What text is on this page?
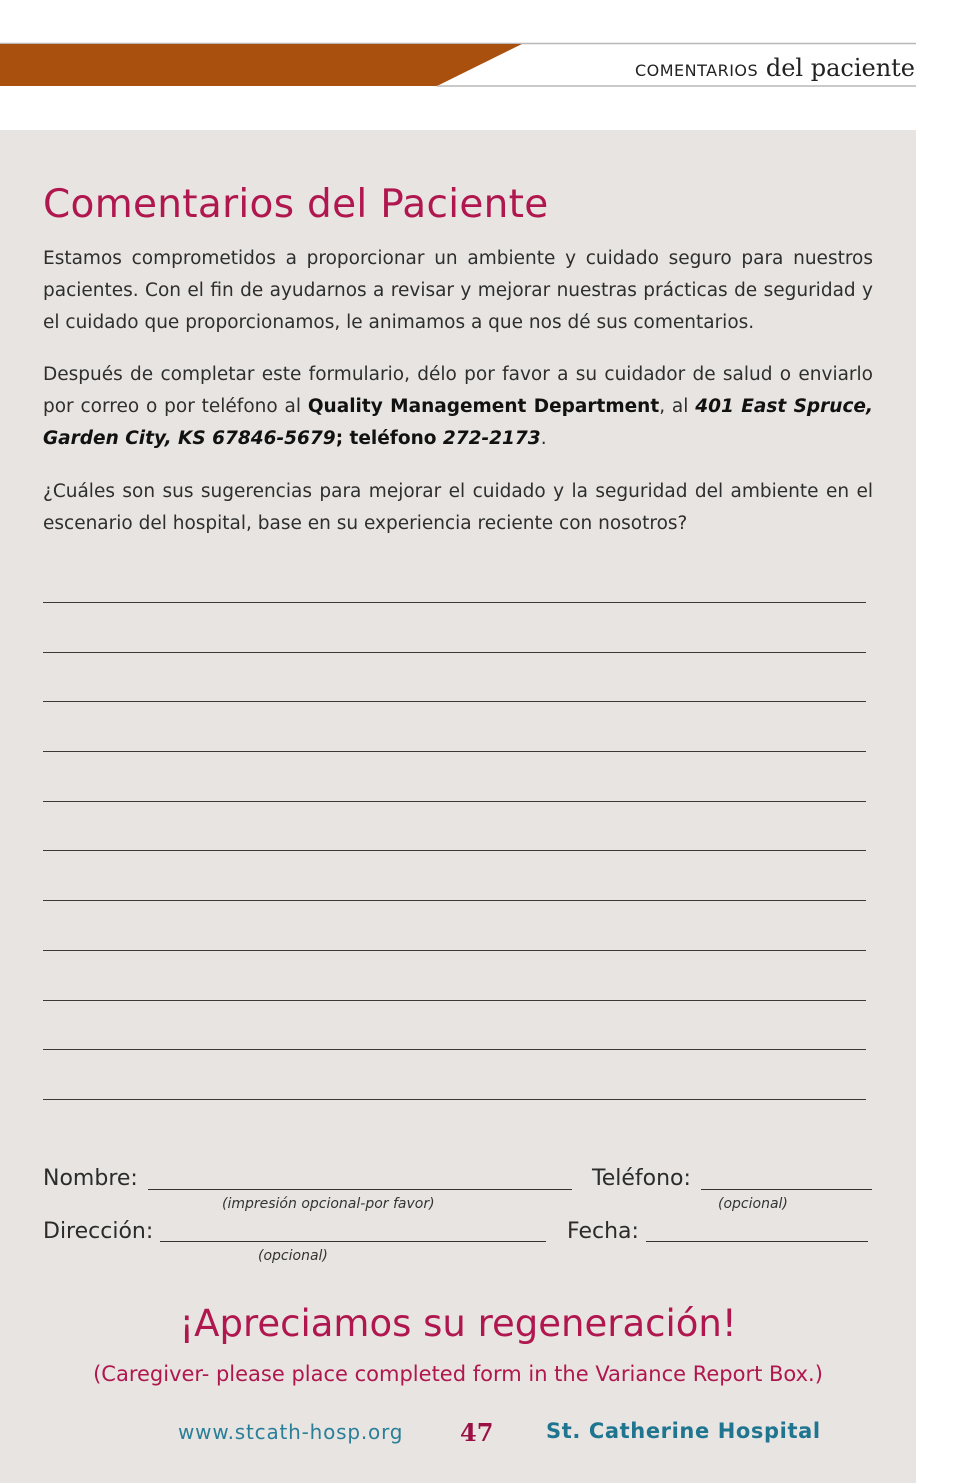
COMENTARIOS del paciente
Comentarios del Paciente

Estamos comprometidos a proporcionar un ambiente y cuidado seguro para nuestros pacientes. Con el fin de ayudarnos a revisar y mejorar nuestras prácticas de seguridad y el cuidado que proporcionamos, le animamos a que nos dé sus comentarios.

Después de completar este formulario, délo por favor a su cuidador de salud o enviarlo por correo o por teléfono al Quality Management Department, al 401 East Spruce, Garden City, KS 67846-5679; teléfono 272-2173.

¿Cuáles son sus sugerencias para mejorar el cuidado y la seguridad del ambiente en el escenario del hospital, base en su experiencia reciente con nosotros?

Nombre:
(impresión opcional-por favor)
Teléfono:
(opcional)
Dirección:
(opcional)
Fecha:
¡Apreciamos su regeneración!
(Caregiver- please place completed form in the Variance Report Box.)
www.stcath-hosp.org 47	St. Catherine Hospital
